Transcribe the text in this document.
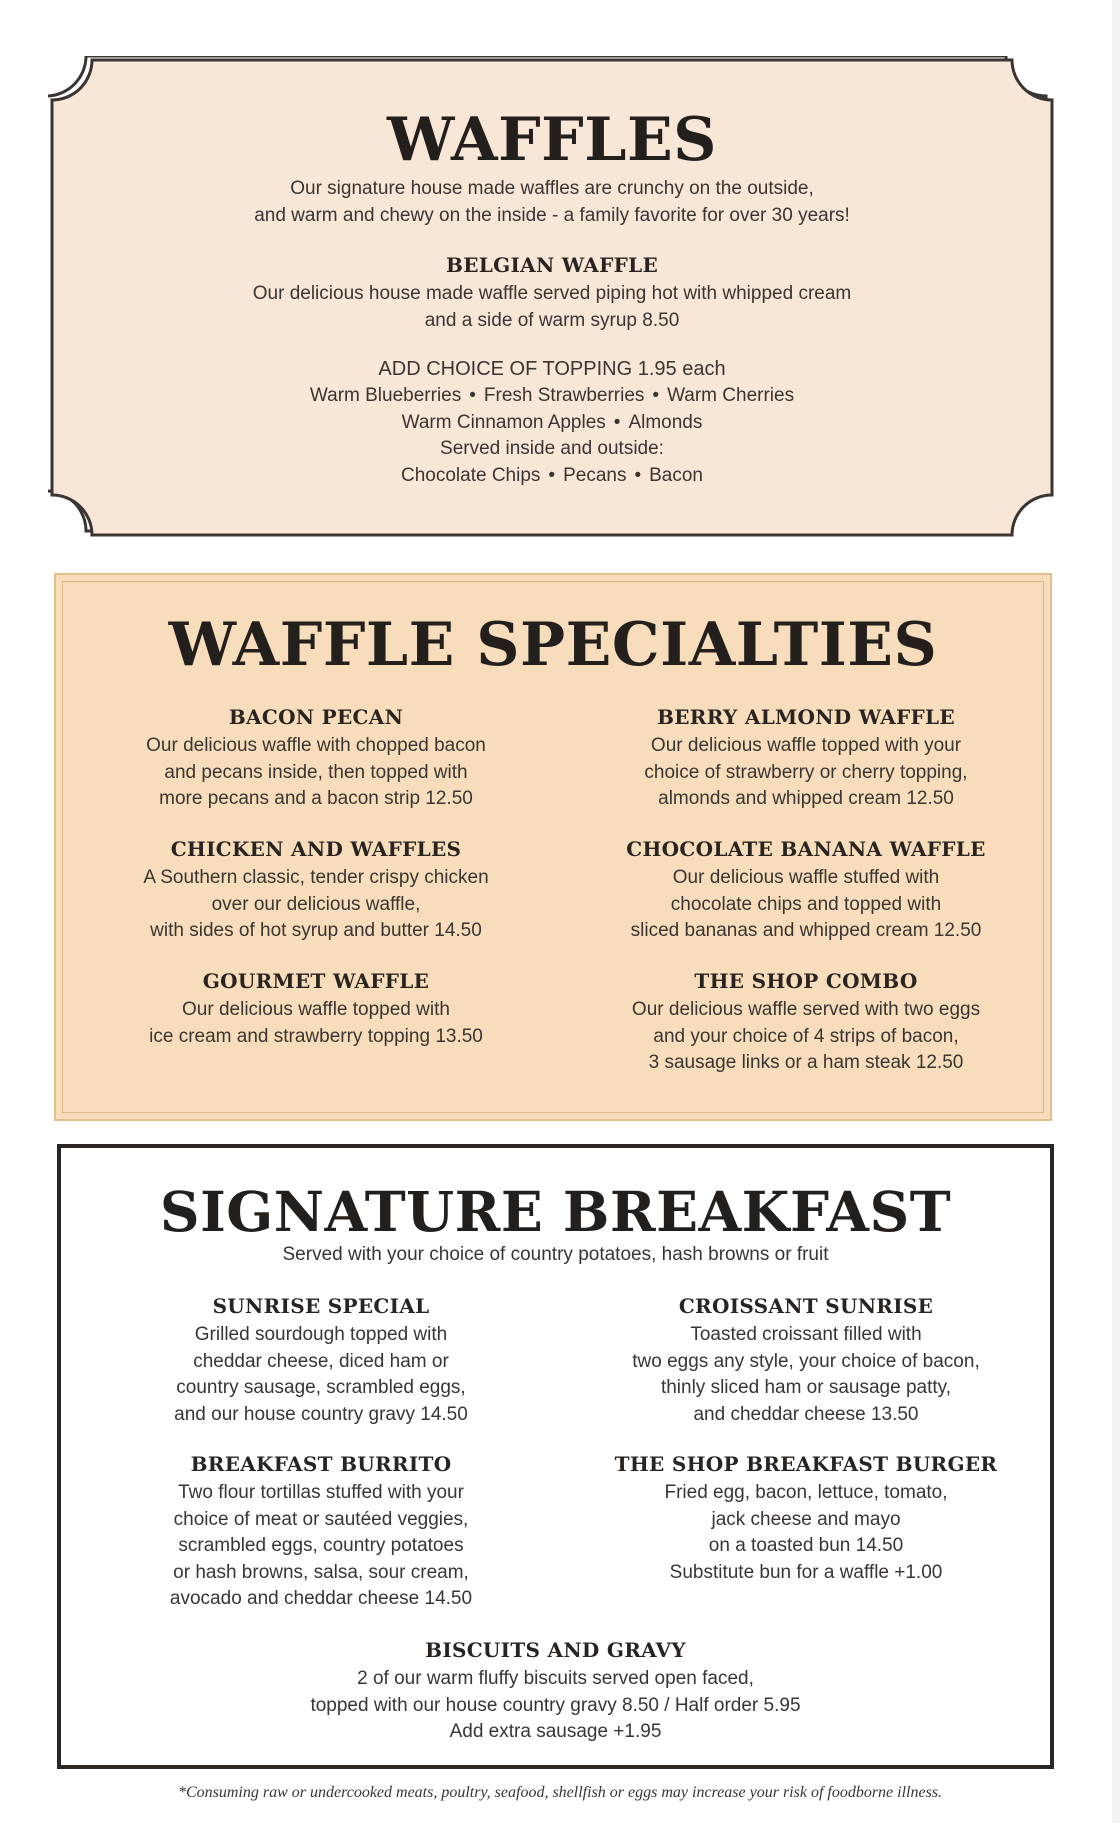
WAFFLES
Our signature house made waffles are crunchy on the outside,
and warm and chewy on the inside - a family favorite for over 30 years!
BELGIAN WAFFLE
Our delicious house made waffle served piping hot with whipped cream
and a side of warm syrup 8.50
ADD CHOICE OF TOPPING 1.95 each
Warm Blueberries • Fresh Strawberries • Warm Cherries
Warm Cinnamon Apples • Almonds
Served inside and outside:
Chocolate Chips • Pecans • Bacon
WAFFLE SPECIALTIES
BACON PECAN
Our delicious waffle with chopped bacon
and pecans inside, then topped with
more pecans and a bacon strip 12.50
CHICKEN AND WAFFLES
A Southern classic, tender crispy chicken
over our delicious waffle,
with sides of hot syrup and butter 14.50
GOURMET WAFFLE
Our delicious waffle topped with
ice cream and strawberry topping 13.50
BERRY ALMOND WAFFLE
Our delicious waffle topped with your
choice of strawberry or cherry topping,
almonds and whipped cream 12.50
CHOCOLATE BANANA WAFFLE
Our delicious waffle stuffed with
chocolate chips and topped with
sliced bananas and whipped cream 12.50
THE SHOP COMBO
Our delicious waffle served with two eggs
and your choice of 4 strips of bacon,
3 sausage links or a ham steak 12.50
SIGNATURE BREAKFAST
Served with your choice of country potatoes, hash browns or fruit
SUNRISE SPECIAL
Grilled sourdough topped with
cheddar cheese, diced ham or
country sausage, scrambled eggs,
and our house country gravy 14.50
BREAKFAST BURRITO
Two flour tortillas stuffed with your
choice of meat or sautéed veggies,
scrambled eggs, country potatoes
or hash browns, salsa, sour cream,
avocado and cheddar cheese 14.50
CROISSANT SUNRISE
Toasted croissant filled with
two eggs any style, your choice of bacon,
thinly sliced ham or sausage patty,
and cheddar cheese 13.50
THE SHOP BREAKFAST BURGER
Fried egg, bacon, lettuce, tomato,
jack cheese and mayo
on a toasted bun 14.50
Substitute bun for a waffle +1.00
BISCUITS AND GRAVY
2 of our warm fluffy biscuits served open faced,
topped with our house country gravy 8.50 / Half order 5.95
Add extra sausage +1.95
*Consuming raw or undercooked meats, poultry, seafood, shellfish or eggs may increase your risk of foodborne illness.
